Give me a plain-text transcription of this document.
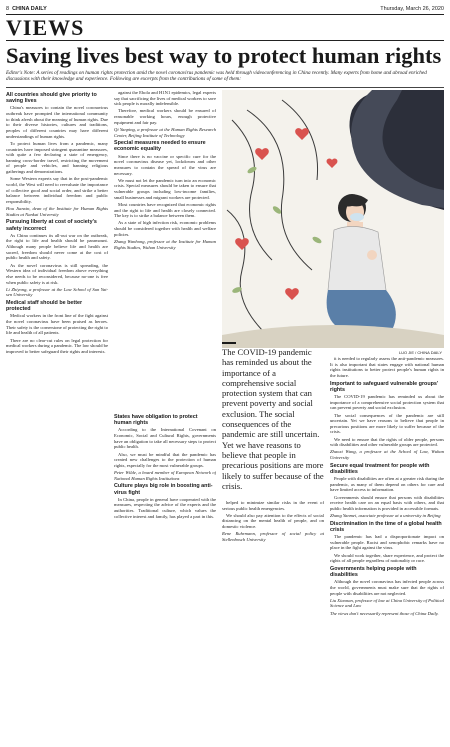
8 CHINA DAILY	Thursday, March 26, 2020
VIEWS
Saving lives best way to protect human rights
Editor's Note: A series of readings on human rights protection amid the novel coronavirus pandemic was held through videoconferencing in China recently. Many experts from home and abroad enriched discussions with their knowledge and experience. Following are excerpts from the contributions of some of them:
All countries should give priority to saving lives

China's measures to contain the novel coronavirus outbreak have prompted the international community to think afresh about the meaning of human rights. Due to their diverse histories, cultures and traditions, peoples of different countries may have different understandings of human rights.

To protect human lives from a pandemic, many countries have imposed stringent quarantine measures, with quite a few declaring a state of emergency, banning cross-border travel, restricting the movement of people and vehicles, and banning religious gatherings and demonstrations.

Some Western experts say that in the post-pandemic world, the West will need to reevaluate the importance of collective good and social order, and strike a better balance between individual freedom and public responsibility.

Hou Jianxin, dean of the Institute for Human Rights Studies at Nankai University

Pursuing liberty at cost of society's safety incorrect

As China continues its all-out war on the outbreak, the right to life and health should be paramount. Although many people believe life and health are sacred, freedom should never come at the cost of public health and safety.

As the novel coronavirus is still spreading, the Western idea of individual freedom above everything else needs to be reconsidered, because no-one is free when public safety is at risk.

Li Zhiyong, a professor at the Law School of Sun Yat-sen University

Medical staff should be better protected

Medical workers in the front line of the fight against the novel coronavirus have been praised as heroes. Their safety is the cornerstone of protecting the right to life and health of all patients.

There are no clear-cut rules on legal protection for medical workers during a pandemic. The law should be improved to better safeguard their rights and interests.

against the Ebola and H1N1 epidemics, legal experts say that sacrificing the lives of medical workers to save sick people is morally indefensible.

Therefore, medical workers should be ensured of reasonable working hours, enough protective equipment and fair pay.

Qi Yanping, a professor at the Human Rights Research Center, Beijing Institute of Technology

Special measures needed to ensure economic equality

Since there is no vaccine or specific cure for the novel coronavirus disease yet, lockdowns and other measures to contain the spread of the virus are necessary.

We must not let the pandemic turn into an economic crisis. Special measures should be taken to ensure that vulnerable groups including low-income families, small businesses and migrant workers are protected.

Most countries have recognized that economic rights and the right to life and health are closely connected. The key is to strike a balance between them.

As a state of high infection risk, economic problems should be considered together with health and welfare policies.

Zhang Wanhong, professor at the Institute for Human Rights Studies, Wuhan University

States have obligation to protect human rights

According to the International Covenant on Economic, Social and Cultural Rights, governments have an obligation to take all necessary steps to protect public health.

Also, we must be mindful that the pandemic has created new challenges to the protection of human rights, especially for the most vulnerable groups.

Peter Wilde, a board member of European Network of National Human Rights Institutions

Culture plays big role in boosting anti-virus fight

In China, people in general have cooperated with the measures, respecting the advice of the experts and the authorities. Traditional culture, which values the collective interest and family, has played a part in this.

LUO JIE / CHINA DAILY
The COVID-19 pandemic has reminded us about the importance of a comprehensive social protection system that can prevent poverty and social exclusion. The social consequences of the pandemic are still uncertain. Yet we have reasons to believe that people in precarious positions are more likely to suffer because of the crisis.

it is needed to regularly assess the anti-pandemic measures. It is also important that states engage with national human rights institutions to better protect people's human rights in the future.

Important to safeguard vulnerable groups' rights

The COVID-19 pandemic has reminded us about the importance of a comprehensive social protection system that can prevent poverty and social exclusion.

The social consequences of the pandemic are still uncertain. Yet we have reasons to believe that people in precarious positions are more likely to suffer because of the crisis.

We need to ensure that the rights of older people, persons with disabilities and other vulnerable groups are protected.

Zhaoxi Wang, a professor at the School of Law, Wuhan University

Secure equal treatment for people with disabilities

People with disabilities are often at a greater risk during the pandemic, as many of them depend on others for care and have limited access to information.

Governments should ensure that persons with disabilities receive health care on an equal basis with others, and that public health information is provided in accessible formats.

Zhang Yanmei, associate professor at a university in Beijing

Discrimination in the time of a global health crisis

The pandemic has had a disproportionate impact on vulnerable people. Racist and xenophobic remarks have no place in the fight against the virus.

We should work together, share experience, and protect the rights of all people regardless of nationality or race.

Governments helping people with disabilities

Although the novel coronavirus has infected people across the world, governments must make sure that the rights of people with disabilities are not neglected.

Liu Xiaonan, professor of law at China University of Political Science and Law

The views don't necessarily represent those of China Daily.

helped to minimize similar risks in the event of serious public health emergencies.

We should also pay attention to the effects of social distancing on the mental health of people, and on domestic violence.

Rene Ruhrmann, professor of social policy at Stellenbosch University
